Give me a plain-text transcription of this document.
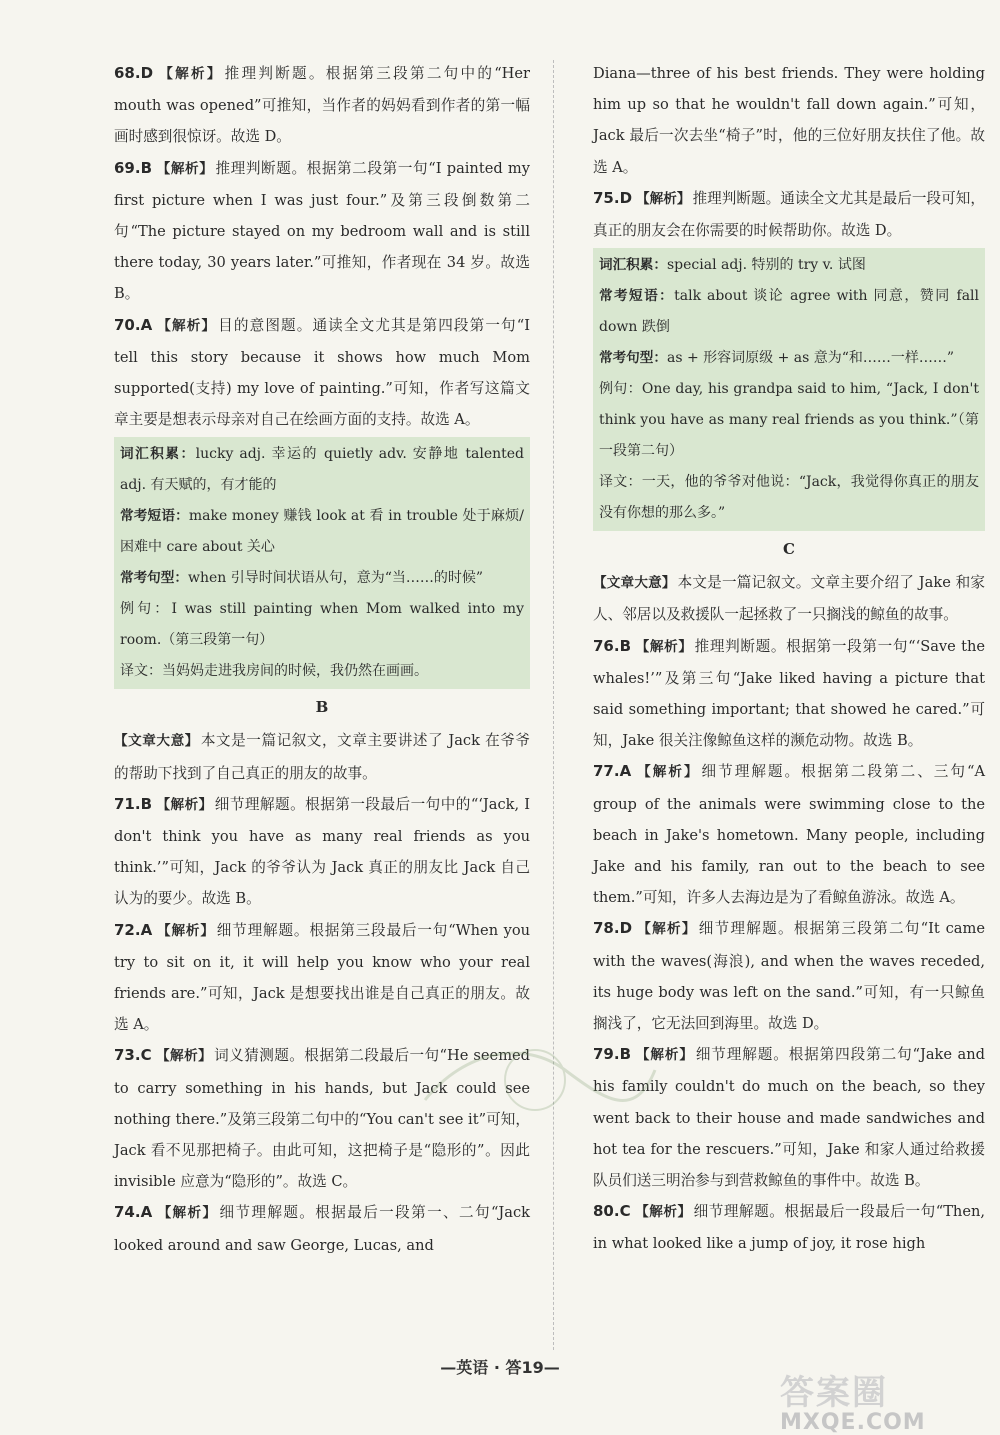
68.D 【解析】 推理判断题。根据第三段第二句中的“Her mouth was opened”可推知，当作者的妈妈看到作者的第一幅画时感到很惊讶。故选 D。

69.B 【解析】 推理判断题。根据第二段第一句“I painted my first picture when I was just four.”及第三段倒数第二句“The picture stayed on my bedroom wall and is still there today, 30 years later.”可推知，作者现在 34 岁。故选 B。

70.A 【解析】 目的意图题。通读全文尤其是第四段第一句“I tell this story because it shows how much Mom supported(支持) my love of painting.”可知，作者写这篇文章主要是想表示母亲对自己在绘画方面的支持。故选 A。

词汇积累：lucky adj. 幸运的 quietly adv. 安静地 talented adj. 有天赋的，有才能的

常考短语：make money 赚钱 look at 看 in trouble 处于麻烦/困难中 care about 关心

常考句型：when 引导时间状语从句，意为“当……的时候”

例句：I was still painting when Mom walked into my room.（第三段第一句）

译文：当妈妈走进我房间的时候，我仍然在画画。

B

【文章大意】 本文是一篇记叙文，文章主要讲述了 Jack 在爷爷的帮助下找到了自己真正的朋友的故事。

71.B 【解析】 细节理解题。根据第一段最后一句中的“‘Jack, I don't think you have as many real friends as you think.’”可知，Jack 的爷爷认为 Jack 真正的朋友比 Jack 自己认为的要少。故选 B。

72.A 【解析】 细节理解题。根据第三段最后一句“When you try to sit on it, it will help you know who your real friends are.”可知，Jack 是想要找出谁是自己真正的朋友。故选 A。

73.C 【解析】 词义猜测题。根据第二段最后一句“He seemed to carry something in his hands, but Jack could see nothing there.”及第三段第二句中的“You can't see it”可知，Jack 看不见那把椅子。由此可知，这把椅子是“隐形的”。因此 invisible 应意为“隐形的”。故选 C。

74.A 【解析】 细节理解题。根据最后一段第一、二句“Jack looked around and saw George, Lucas, and

Diana—three of his best friends. They were holding him up so that he wouldn't fall down again.”可知，Jack 最后一次去坐“椅子”时，他的三位好朋友扶住了他。故选 A。

75.D 【解析】 推理判断题。通读全文尤其是最后一段可知，真正的朋友会在你需要的时候帮助你。故选 D。

词汇积累：special adj. 特别的 try v. 试图

常考短语：talk about 谈论 agree with 同意，赞同 fall down 跌倒

常考句型：as + 形容词原级 + as 意为“和……一样……”

例句：One day, his grandpa said to him, “Jack, I don't think you have as many real friends as you think.”（第一段第二句）

译文：一天，他的爷爷对他说：“Jack，我觉得你真正的朋友没有你想的那么多。”

C

【文章大意】 本文是一篇记叙文。文章主要介绍了 Jake 和家人、邻居以及救援队一起拯救了一只搁浅的鲸鱼的故事。

76.B 【解析】 推理判断题。根据第一段第一句“‘Save the whales!’”及第三句“Jake liked having a picture that said something important; that showed he cared.”可知，Jake 很关注像鲸鱼这样的濒危动物。故选 B。

77.A 【解析】 细节理解题。根据第二段第二、三句“A group of the animals were swimming close to the beach in Jake's hometown. Many people, including Jake and his family, ran out to the beach to see them.”可知，许多人去海边是为了看鲸鱼游泳。故选 A。

78.D 【解析】 细节理解题。根据第三段第二句“It came with the waves(海浪), and when the waves receded, its huge body was left on the sand.”可知，有一只鲸鱼搁浅了，它无法回到海里。故选 D。

79.B 【解析】 细节理解题。根据第四段第二句“Jake and his family couldn't do much on the beach, so they went back to their house and made sandwiches and hot tea for the rescuers.”可知，Jake 和家人通过给救援队员们送三明治参与到营救鲸鱼的事件中。故选 B。

80.C 【解析】 细节理解题。根据最后一段最后一句“Then, in what looked like a jump of joy, it rose high

—英语 · 答19—
答案圈
MXQE.COM
